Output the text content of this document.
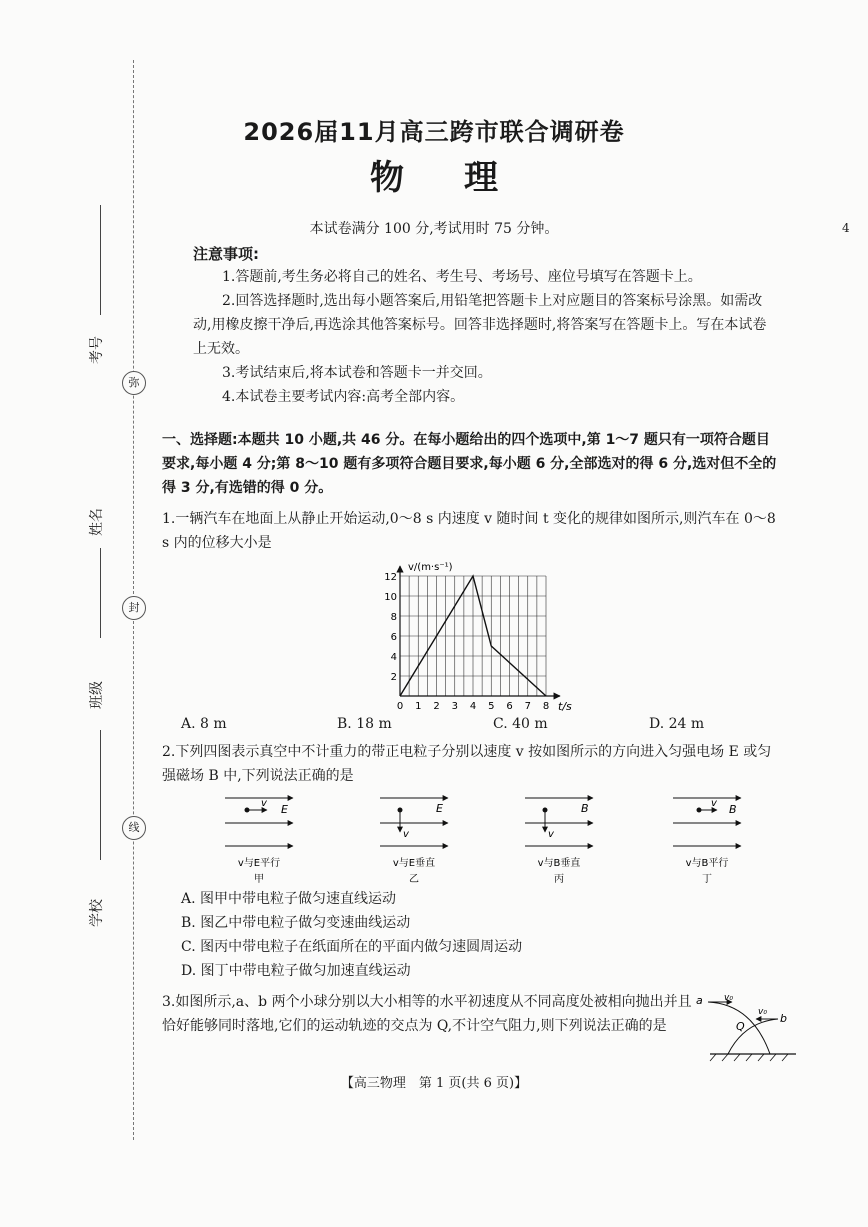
弥
封
线
考号
姓名
班级
学校
2026届11月高三跨市联合调研卷
物理
本试卷满分 100 分,考试用时 75 分钟。	4
注意事项:

1.答题前,考生务必将自己的姓名、考生号、考场号、座位号填写在答题卡上。

2.回答选择题时,选出每小题答案后,用铅笔把答题卡上对应题目的答案标号涂黑。如需改动,用橡皮擦干净后,再选涂其他答案标号。回答非选择题时,将答案写在答题卡上。写在本试卷上无效。

3.考试结束后,将本试卷和答题卡一并交回。

4.本试卷主要考试内容:高考全部内容。

一、选择题:本题共 10 小题,共 46 分。在每小题给出的四个选项中,第 1～7 题只有一项符合题目要求,每小题 4 分;第 8～10 题有多项符合题目要求,每小题 6 分,全部选对的得 6 分,选对但不全的得 3 分,有选错的得 0 分。
1.一辆汽车在地面上从静止开始运动,0～8 s 内速度 v 随时间 t 变化的规律如图所示,则汽车在 0～8 s 内的位移大小是
0 1 2 3 4 5 6 7 8
2
4
6
8
10
12
v/(m·s⁻¹)
t/s
A. 8 m	B. 18 m	C. 40 m	D. 24 m
2.下列四图表示真空中不计重力的带正电粒子分别以速度 v 按如图所示的方向进入匀强电场 E 或匀强磁场 B 中,下列说法正确的是
v E
v与E平行
甲
v
E
v与E垂直
乙
v
B
v与B垂直
丙
v B
v与B平行
丁
A. 图甲中带电粒子做匀速直线运动
B. 图乙中带电粒子做匀变速曲线运动
C. 图丙中带电粒子在纸面所在的平面内做匀速圆周运动
D. 图丁中带电粒子做匀加速直线运动
3.如图所示,a、b 两个小球分别以大小相等的水平初速度从不同高度处被相向抛出并且恰好能够同时落地,它们的运动轨迹的交点为 Q,不计空气阻力,则下列说法正确的是
a v₀
b
v₀
Q
【高三物理　第 1 页(共 6 页)】
